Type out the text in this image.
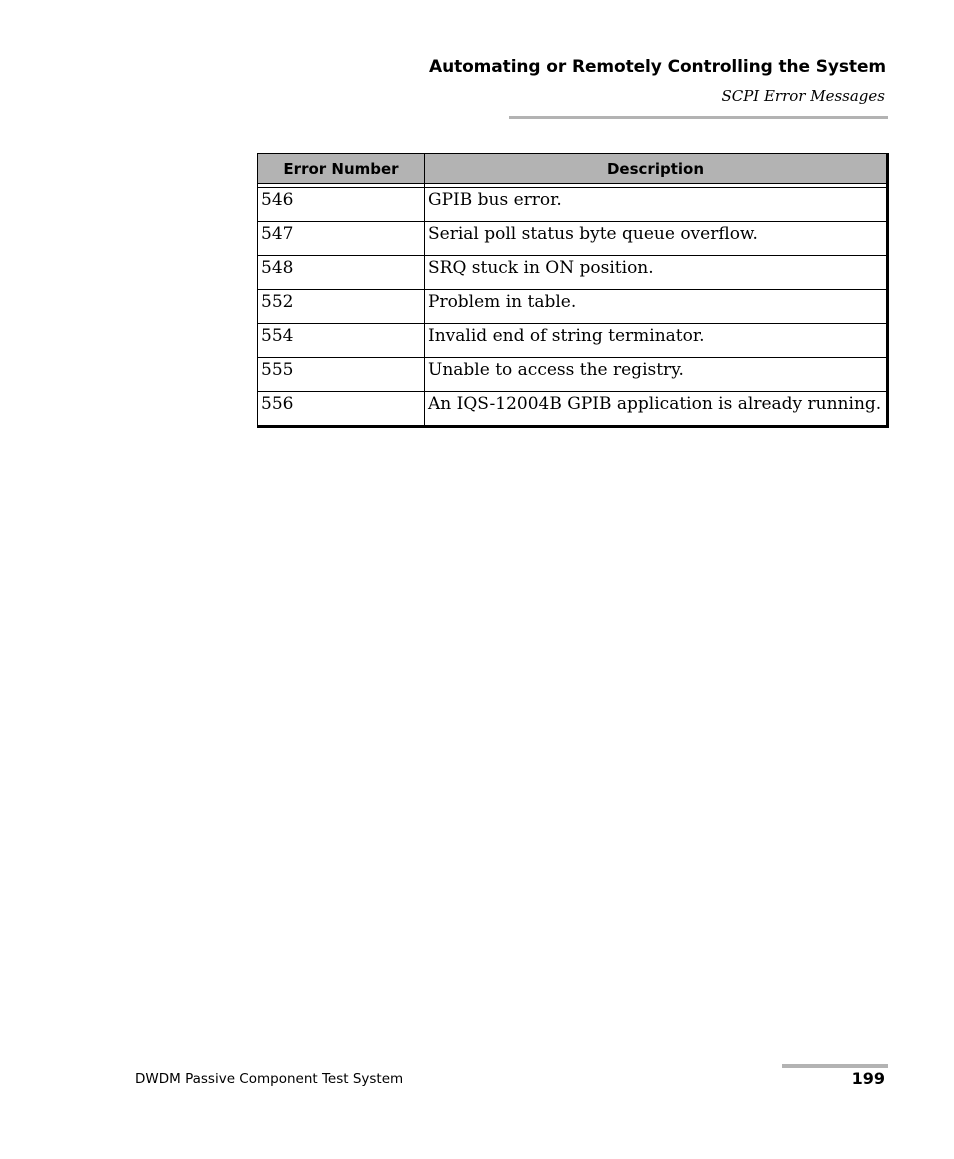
Automating or Remotely Controlling the System
SCPI Error Messages
Error Number	Description

546	GPIB bus error.
547	Serial poll status byte queue overflow.
548	SRQ stuck in ON position.
552	Problem in table.
554	Invalid end of string terminator.
555	Unable to access the registry.
556	An IQS-12004B GPIB application is already running.
DWDM Passive Component Test System	199
